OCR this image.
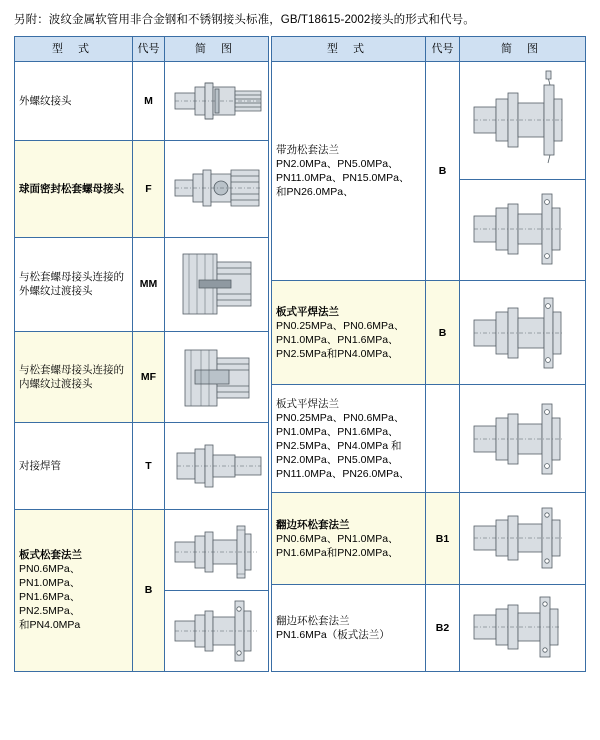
另附：波纹金属软管用非合金钢和不锈钢接头标准，GB/T18615-2002接头的形式和代号。
型 式	代号	简 图
外螺纹接头	M	

球面密封松套螺母接头	F	

与松套螺母接头连接的外螺纹过渡接头	MM	

与松套螺母接头连接的内螺纹过渡接头	MF	

对接焊管	T	

板式松套法兰
PN0.6MPa、PN1.0MPa、
PN1.6MPa、PN2.5MPa、
和PN4.0MPa	B	
型 式	代号	简 图

带劲松套法兰
PN2.0MPa、PN5.0MPa、
PN11.0MPa、PN15.0MPa、
和PN26.0MPa、	B	

板式平焊法兰
PN0.25MPa、PN0.6MPa、
PN1.0MPa、PN1.6MPa、
PN2.5MPa和PN4.0MPa、	B	

板式平焊法兰
PN0.25MPa、PN0.6MPa、
PN1.0MPa、PN1.6MPa、
PN2.5MPa、PN4.0MPa 和
PN2.0MPa、PN5.0MPa、
PN11.0MPa、PN26.0MPa、

翻边环松套法兰
PN0.6MPa、PN1.0MPa、
PN1.6MPa和PN2.0MPa、	B1	

翻边环松套法兰
PN1.6MPa（板式法兰）	B2	
